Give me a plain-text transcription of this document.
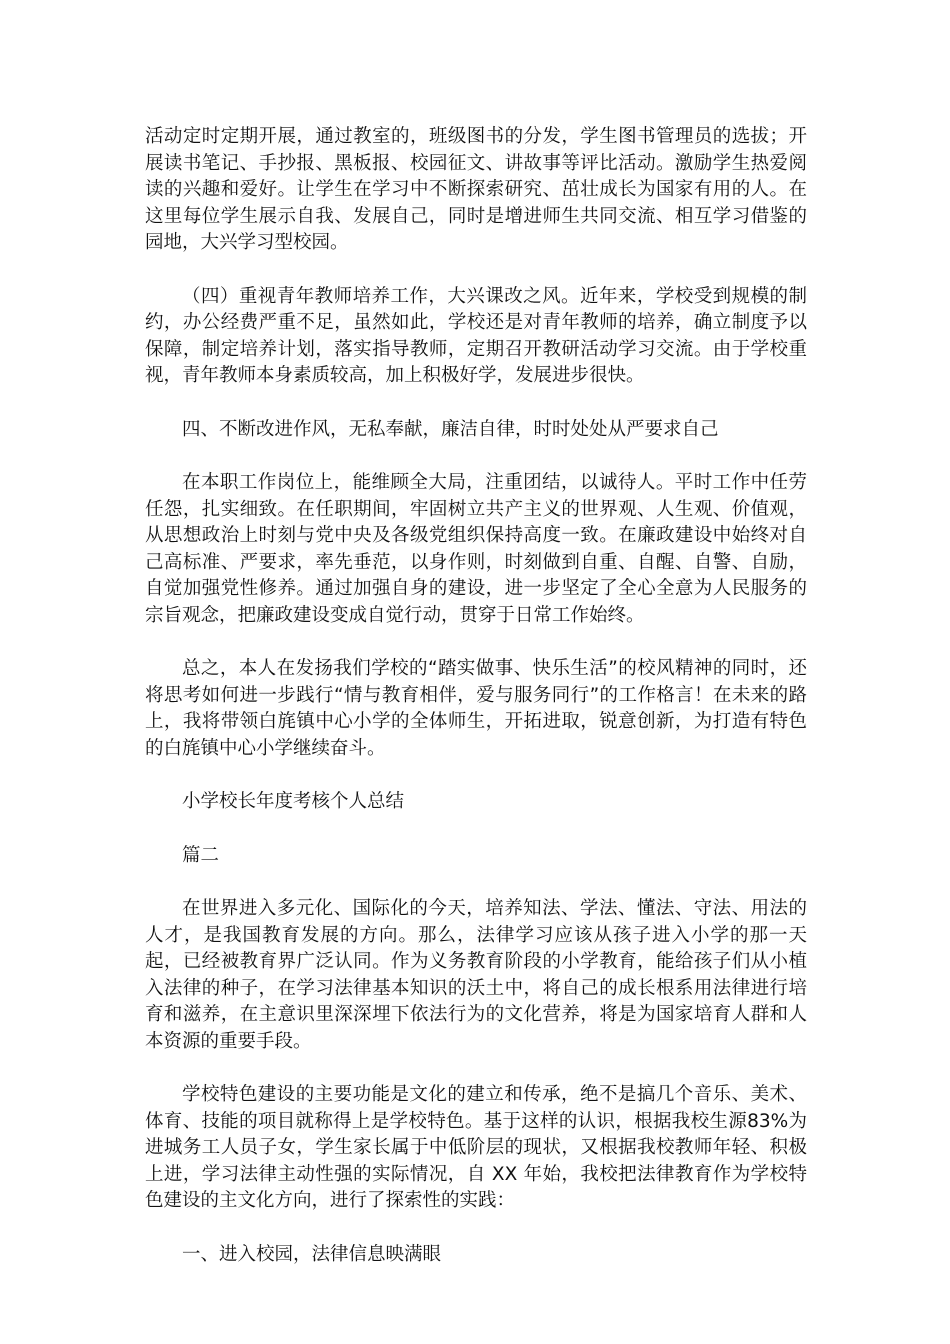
活动定时定期开展，通过教室的，班级图书的分发，学生图书管理员的选拔；开展读书笔记、手抄报、黑板报、校园征文、讲故事等评比活动。激励学生热爱阅读的兴趣和爱好。让学生在学习中不断探索研究、茁壮成长为国家有用的人。在这里每位学生展示自我、发展自己，同时是增进师生共同交流、相互学习借鉴的园地，大兴学习型校园。

（四）重视青年教师培养工作，大兴课改之风。近年来，学校受到规模的制约，办公经费严重不足，虽然如此，学校还是对青年教师的培养，确立制度予以保障，制定培养计划，落实指导教师，定期召开教研活动学习交流。由于学校重视，青年教师本身素质较高，加上积极好学，发展进步很快。

四、不断改进作风，无私奉献，廉洁自律，时时处处从严要求自己

在本职工作岗位上，能维顾全大局，注重团结，以诚待人。平时工作中任劳任怨，扎实细致。在任职期间，牢固树立共产主义的世界观、人生观、价值观，从思想政治上时刻与党中央及各级党组织保持高度一致。在廉政建设中始终对自己高标准、严要求，率先垂范，以身作则，时刻做到自重、自醒、自警、自励，自觉加强党性修养。通过加强自身的建设，进一步坚定了全心全意为人民服务的宗旨观念，把廉政建设变成自觉行动，贯穿于日常工作始终。

总之，本人在发扬我们学校的“踏实做事、快乐生活”的校风精神的同时，还将思考如何进一步践行“情与教育相伴，爱与服务同行”的工作格言！在未来的路上，我将带领白旄镇中心小学的全体师生，开拓进取，锐意创新，为打造有特色的白旄镇中心小学继续奋斗。

小学校长年度考核个人总结

篇二

在世界进入多元化、国际化的今天，培养知法、学法、懂法、守法、用法的人才，是我国教育发展的方向。那么，法律学习应该从孩子进入小学的那一天起，已经被教育界广泛认同。作为义务教育阶段的小学教育，能给孩子们从小植入法律的种子，在学习法律基本知识的沃土中，将自己的成长根系用法律进行培育和滋养，在主意识里深深埋下依法行为的文化营养，将是为国家培育人群和人本资源的重要手段。

学校特色建设的主要功能是文化的建立和传承，绝不是搞几个音乐、美术、体育、技能的项目就称得上是学校特色。基于这样的认识，根据我校生源83%为进城务工人员子女，学生家长属于中低阶层的现状，又根据我校教师年轻、积极上进，学习法律主动性强的实际情况，自 XX 年始，我校把法律教育作为学校特色建设的主文化方向，进行了探索性的实践：

一、进入校园，法律信息映满眼
